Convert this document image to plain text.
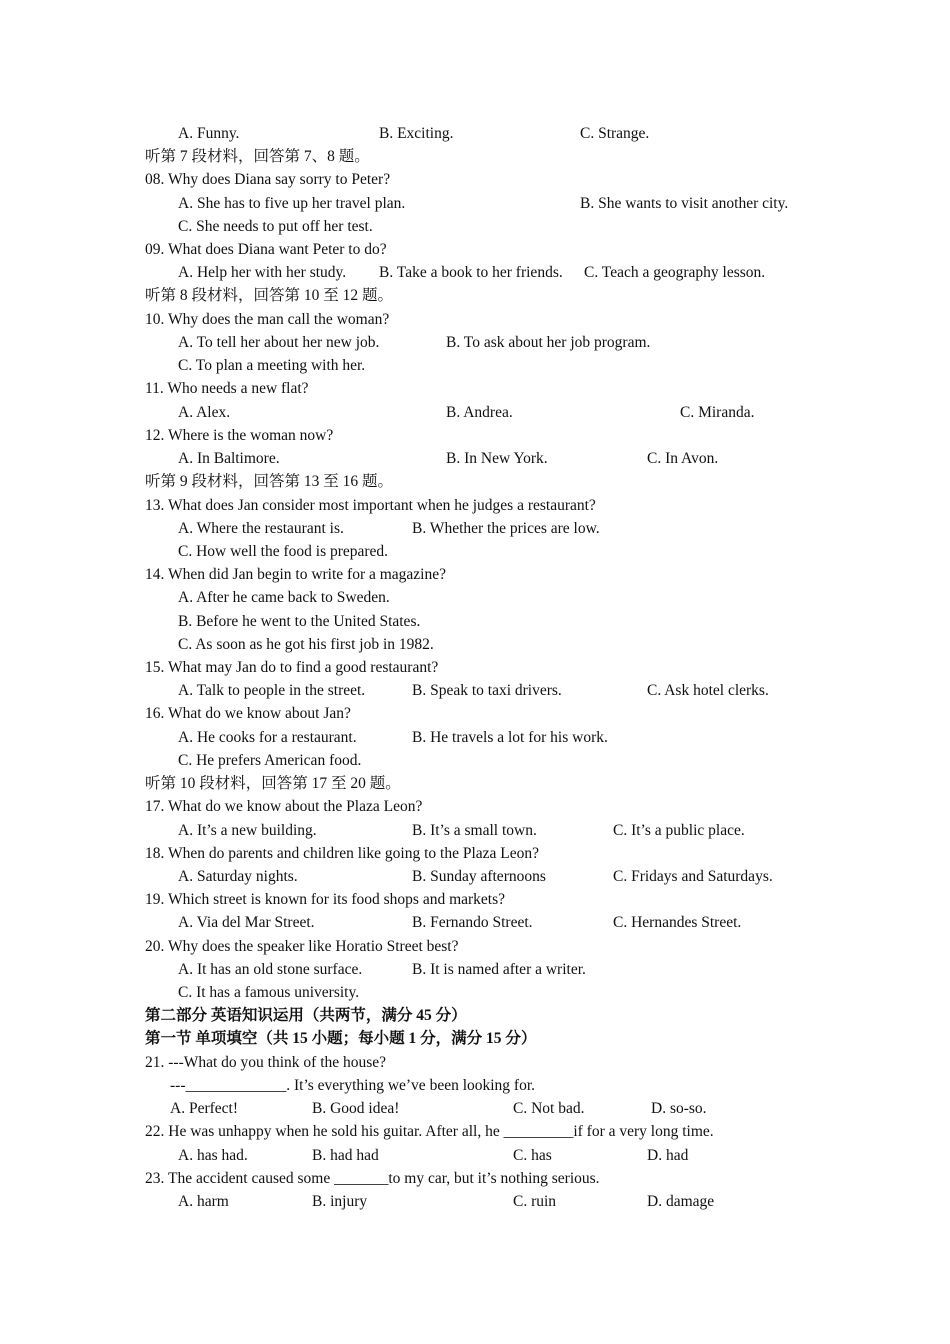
A. Funny.	B. Exciting.	C. Strange.
听第 7 段材料，回答第 7、8 题。
08. Why does Diana say sorry to Peter?
A. She has to five up her travel plan.	B. She wants to visit another city.
C. She needs to put off her test.
09. What does Diana want Peter to do?
A. Help her with her study. B. Take a book to her friends. C. Teach a geography lesson.
听第 8 段材料，回答第 10 至 12 题。
10. Why does the man call the woman?
A. To tell her about her new job.	B. To ask about her job program.
C. To plan a meeting with her.
11. Who needs a new flat?
A. Alex.	B. Andrea.	C. Miranda.
12. Where is the woman now?
A. In Baltimore.	B. In New York.	C. In Avon.
听第 9 段材料，回答第 13 至 16 题。
13. What does Jan consider most important when he judges a restaurant?
A. Where the restaurant is.	B. Whether the prices are low.
C. How well the food is prepared.
14. When did Jan begin to write for a magazine?
A. After he came back to Sweden.
B. Before he went to the United States.
C. As soon as he got his first job in 1982.
15. What may Jan do to find a good restaurant?
A. Talk to people in the street.	B. Speak to taxi drivers.	C. Ask hotel clerks.
16. What do we know about Jan?
A. He cooks for a restaurant.	B. He travels a lot for his work.
C. He prefers American food.
听第 10 段材料，回答第 17 至 20 题。
17. What do we know about the Plaza Leon?
A. It’s a new building.	B. It’s a small town.	C. It’s a public place.
18. When do parents and children like going to the Plaza Leon?
A. Saturday nights.	B. Sunday afternoons	C. Fridays and Saturdays.
19. Which street is known for its food shops and markets?
A. Via del Mar Street.	B. Fernando Street.	C. Hernandes Street.
20. Why does the speaker like Horatio Street best?
A. It has an old stone surface.	B. It is named after a writer.
C. It has a famous university.
第二部分 英语知识运用（共两节，满分 45 分）
第一节 单项填空（共 15 小题；每小题 1 分，满分 15 分）
21. ---What do you think of the house?
---_____________. It’s everything we’ve been looking for.
A. Perfect!	B. Good idea!	C. Not bad.	D. so-so.
22. He was unhappy when he sold his guitar. After all, he _________if for a very long time.
A. has had.	B. had had	C. has	D. had
23. The accident caused some _______to my car, but it’s nothing serious.
A. harm	B. injury	C. ruin	D. damage
